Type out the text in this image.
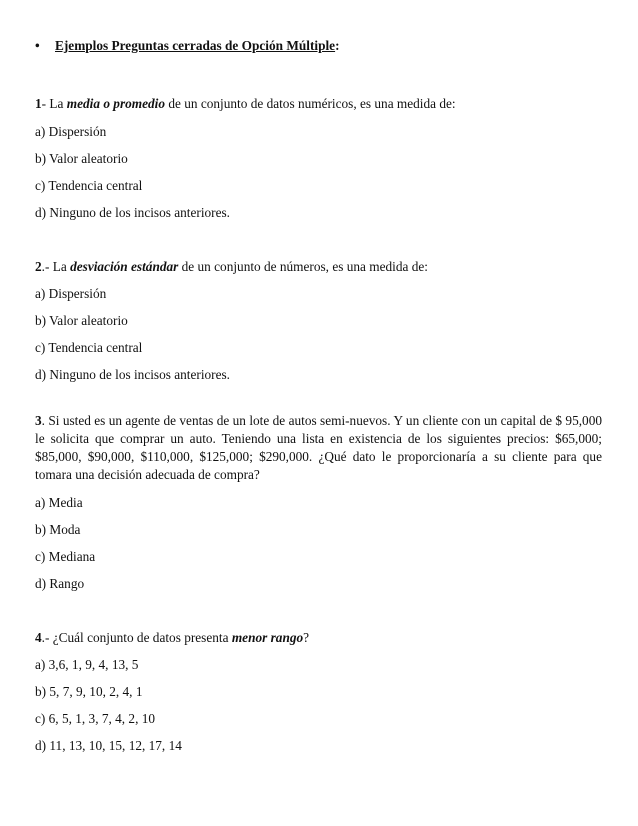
• Ejemplos Preguntas cerradas de Opción Múltiple:
1- La media o promedio de un conjunto de datos numéricos, es una medida de:
a) Dispersión
b) Valor aleatorio
c) Tendencia central
d) Ninguno de los incisos anteriores.
2.- La desviación estándar de un conjunto de números, es una medida de:
a) Dispersión
b) Valor aleatorio
c) Tendencia central
d) Ninguno de los incisos anteriores.
3. Si usted es un agente de ventas de un lote de autos semi-nuevos. Y un cliente con un capital de $ 95,000 le solicita que comprar un auto. Teniendo una lista en existencia de los siguientes precios: $65,000; $85,000, $90,000, $110,000, $125,000; $290,000. ¿Qué dato le proporcionaría a su cliente para que tomara una decisión adecuada de compra?
a) Media
b) Moda
c) Mediana
d) Rango
4.- ¿Cuál conjunto de datos presenta menor rango?
a) 3,6, 1, 9, 4, 13, 5
b) 5, 7, 9, 10, 2, 4, 1
c) 6, 5, 1, 3, 7, 4, 2, 10
d) 11, 13, 10, 15, 12, 17, 14
